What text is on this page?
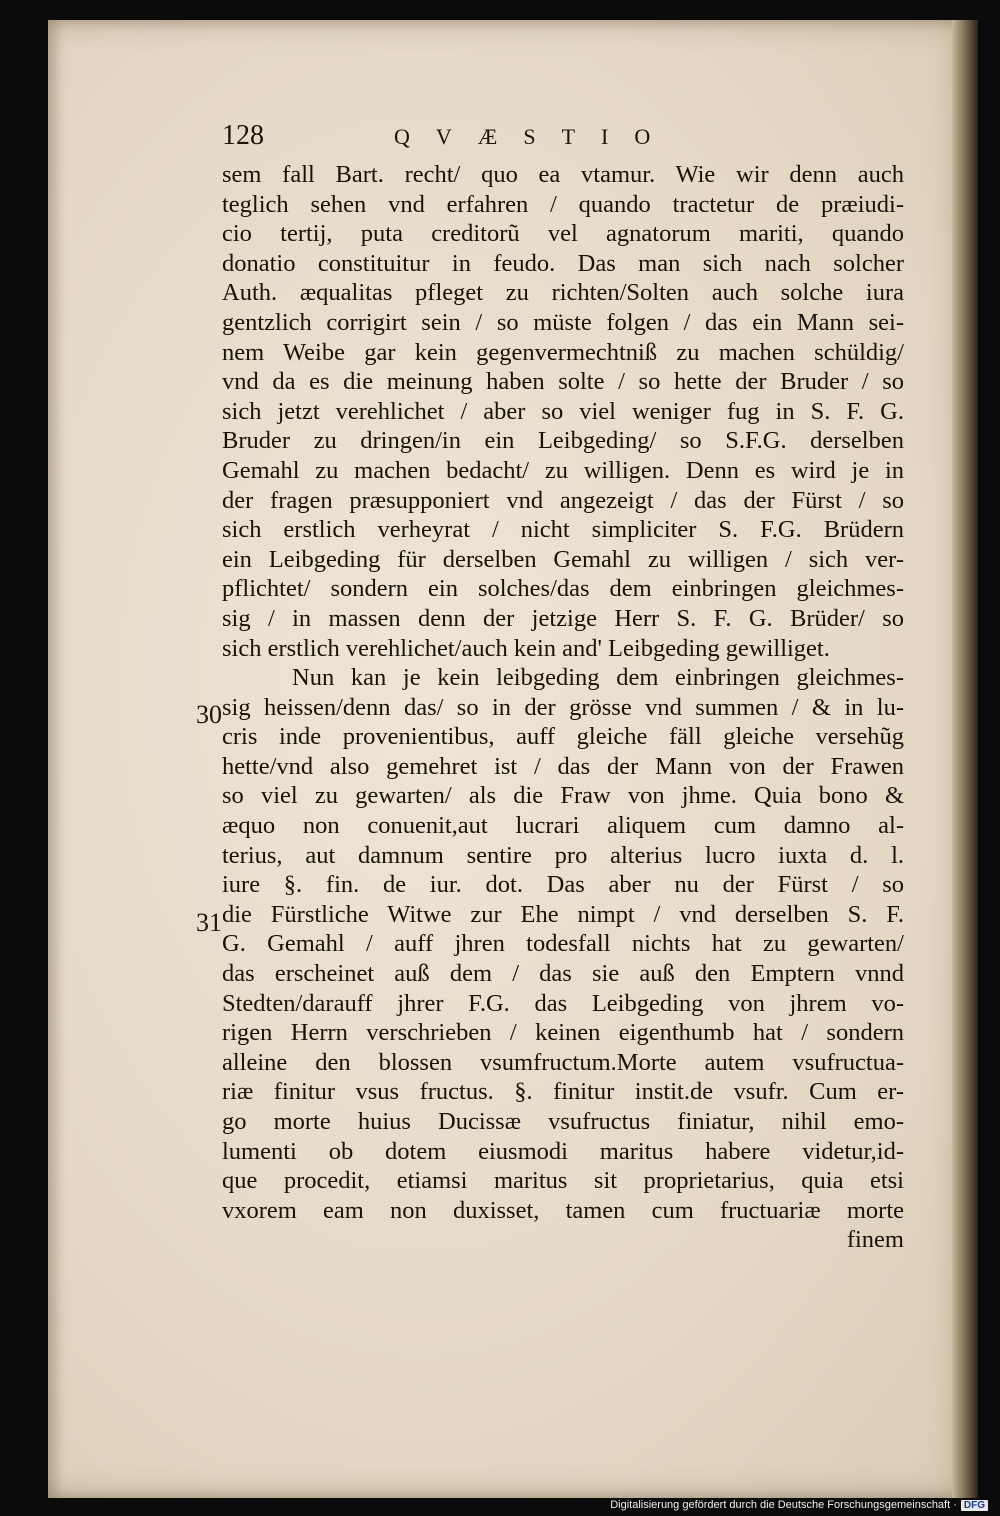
128	QVÆSTIO
30
31
sem fall Bart. recht/ quo ea vtamur. Wie wir denn auch
teglich sehen vnd erfahren / quando tractetur de præiudi-
cio tertij, puta creditorũ vel agnatorum mariti, quando
donatio constituitur in feudo. Das man sich nach solcher
Auth. æqualitas pfleget zu richten/Solten auch solche iura
gentzlich corrigirt sein / so müste folgen / das ein Mann sei-
nem Weibe gar kein gegenvermechtniß zu machen schüldig/
vnd da es die meinung haben solte / so hette der Bruder / so
sich jetzt verehlichet / aber so viel weniger fug in S. F. G.
Bruder zu dringen/in ein Leibgeding/ so S.F.G. derselben
Gemahl zu machen bedacht/ zu willigen. Denn es wird je in
der fragen præsupponiert vnd angezeigt / das der Fürst / so
sich erstlich verheyrat / nicht simpliciter S. F.G. Brüdern
ein Leibgeding für derselben Gemahl zu willigen / sich ver-
pflichtet/ sondern ein solches/das dem einbringen gleichmes-
sig / in massen denn der jetzige Herr S. F. G. Brüder/ so
sich erstlich verehlichet/auch kein and' Leibgeding gewilliget.
Nun kan je kein leibgeding dem einbringen gleichmes-
sig heissen/denn das/ so in der grösse vnd summen / & in lu-
cris inde provenientibus, auff gleiche fäll gleiche versehũg
hette/vnd also gemehret ist / das der Mann von der Frawen
so viel zu gewarten/ als die Fraw von jhme. Quia bono &
æquo non conuenit,aut lucrari aliquem cum damno al-
terius, aut damnum sentire pro alterius lucro iuxta d. l.
iure §. fin. de iur. dot. Das aber nu der Fürst / so
die Fürstliche Witwe zur Ehe nimpt / vnd derselben S. F.
G. Gemahl / auff jhren todesfall nichts hat zu gewarten/
das erscheinet auß dem / das sie auß den Emptern vnnd
Stedten/darauff jhrer F.G. das Leibgeding von jhrem vo-
rigen Herrn verschrieben / keinen eigenthumb hat / sondern
alleine den blossen vsumfructum.Morte autem vsufructua-
riæ finitur vsus fructus. §. finitur instit.de vsufr. Cum er-
go morte huius Ducissæ vsufructus finiatur, nihil emo-
lumenti ob dotem eiusmodi maritus habere videtur,id-
que procedit, etiamsi maritus sit proprietarius, quia etsi
vxorem eam non duxisset, tamen cum fructuariæ morte
finem
Digitalisierung gefördert durch die Deutsche Forschungsgemeinschaft · DFG
